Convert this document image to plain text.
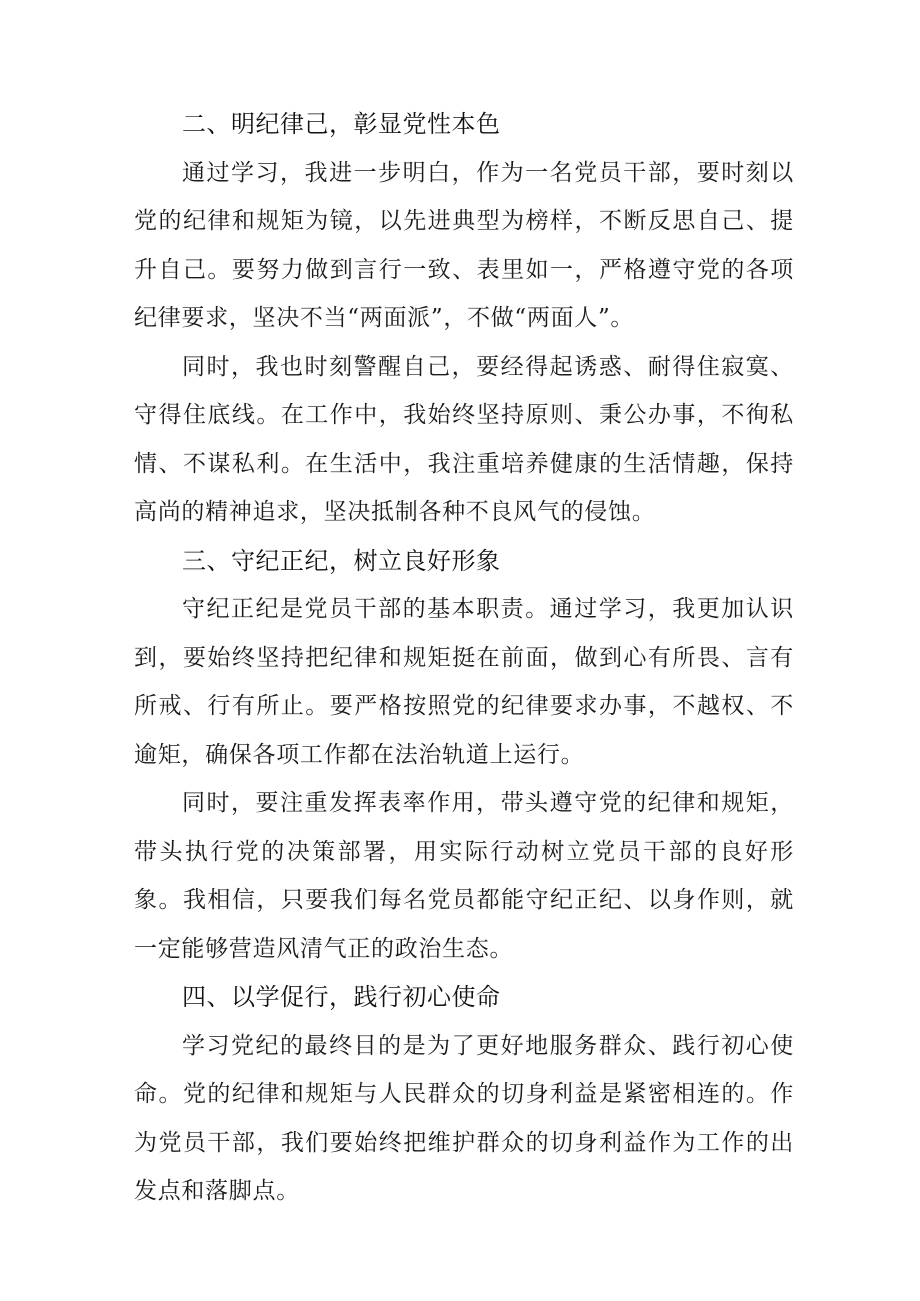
二、明纪律己，彰显党性本色

通过学习，我进一步明白，作为一名党员干部，要时刻以党的纪律和规矩为镜，以先进典型为榜样，不断反思自己、提升自己。要努力做到言行一致、表里如一，严格遵守党的各项纪律要求，坚决不当“两面派”，不做“两面人”。

同时，我也时刻警醒自己，要经得起诱惑、耐得住寂寞、守得住底线。在工作中，我始终坚持原则、秉公办事，不徇私情、不谋私利。在生活中，我注重培养健康的生活情趣，保持高尚的精神追求，坚决抵制各种不良风气的侵蚀。

三、守纪正纪，树立良好形象

守纪正纪是党员干部的基本职责。通过学习，我更加认识到，要始终坚持把纪律和规矩挺在前面，做到心有所畏、言有所戒、行有所止。要严格按照党的纪律要求办事，不越权、不逾矩，确保各项工作都在法治轨道上运行。

同时，要注重发挥表率作用，带头遵守党的纪律和规矩，带头执行党的决策部署，用实际行动树立党员干部的良好形象。我相信，只要我们每名党员都能守纪正纪、以身作则，就一定能够营造风清气正的政治生态。

四、以学促行，践行初心使命

学习党纪的最终目的是为了更好地服务群众、践行初心使命。党的纪律和规矩与人民群众的切身利益是紧密相连的。作为党员干部，我们要始终把维护群众的切身利益作为工作的出发点和落脚点。
